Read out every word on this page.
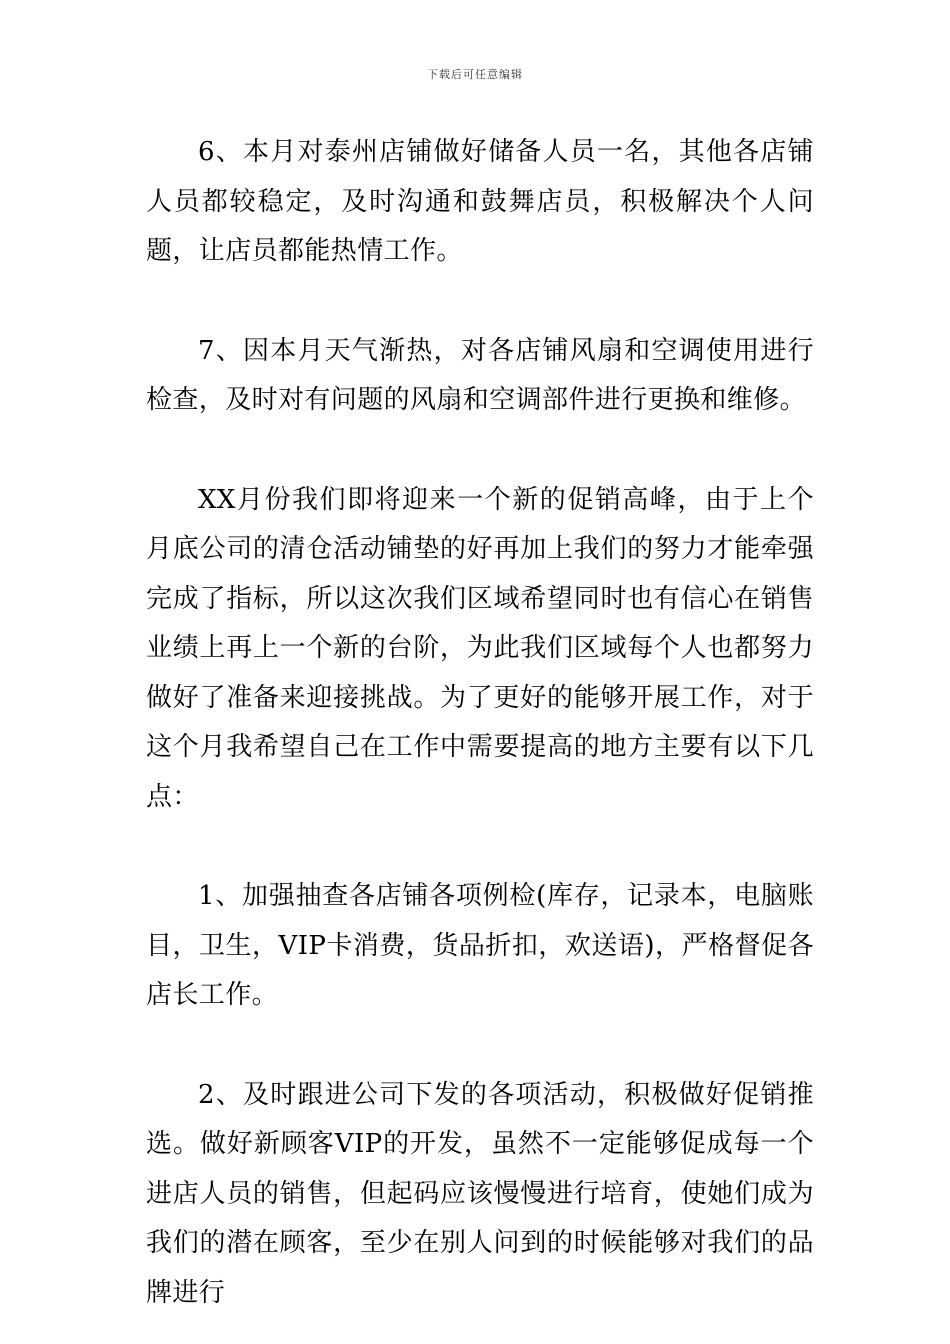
下载后可任意编辑

6、本月对泰州店铺做好储备人员一名，其他各店铺人员都较稳定，及时沟通和鼓舞店员，积极解决个人问题，让店员都能热情工作。

7、因本月天气渐热，对各店铺风扇和空调使用进行检查，及时对有问题的风扇和空调部件进行更换和维修。

XX月份我们即将迎来一个新的促销高峰，由于上个月底公司的清仓活动铺垫的好再加上我们的努力才能牵强完成了指标，所以这次我们区域希望同时也有信心在销售业绩上再上一个新的台阶，为此我们区域每个人也都努力做好了准备来迎接挑战。为了更好的能够开展工作，对于这个月我希望自己在工作中需要提高的地方主要有以下几点：

1、加强抽查各店铺各项例检(库存，记录本，电脑账目，卫生，VIP卡消费，货品折扣，欢送语)，严格督促各店长工作。

2、及时跟进公司下发的各项活动，积极做好促销推选。做好新顾客VIP的开发，虽然不一定能够促成每一个进店人员的销售，但起码应该慢慢进行培育，使她们成为我们的潜在顾客，至少在别人问到的时候能够对我们的品牌进行
